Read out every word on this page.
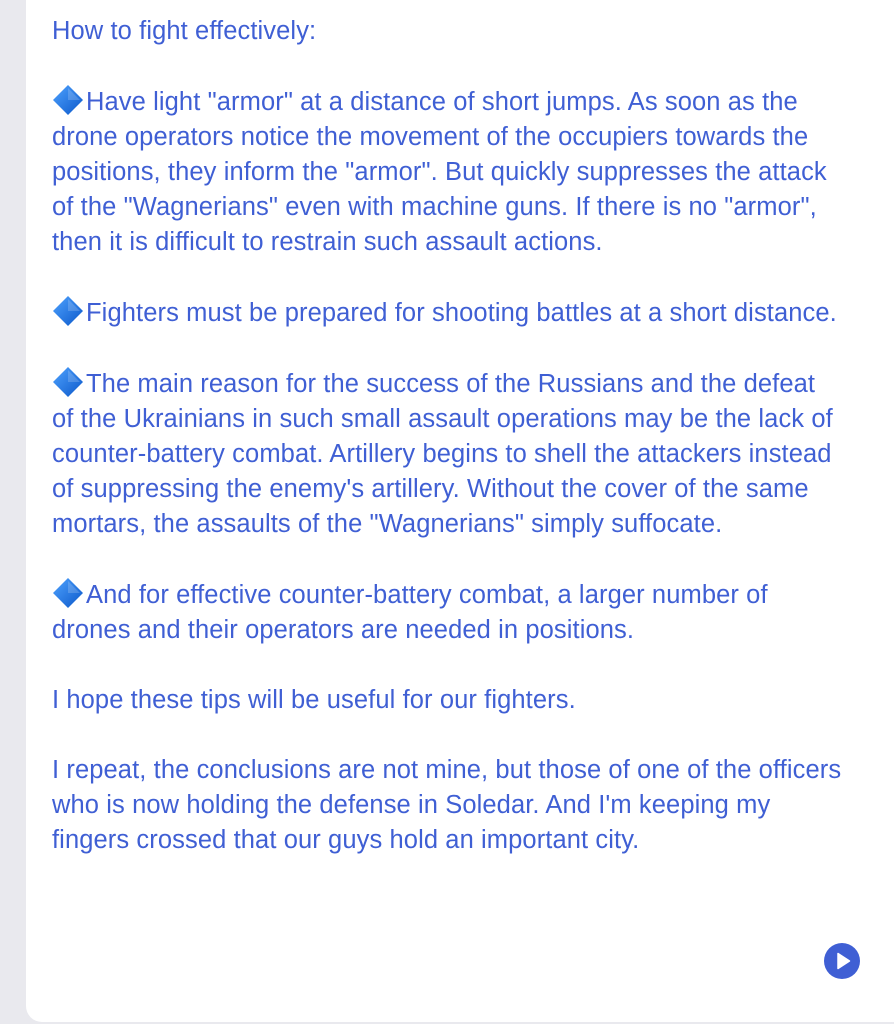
How to fight effectively:

Have light "armor" at a distance of short jumps. As soon as the drone operators notice the movement of the occupiers towards the positions, they inform the "armor". But quickly suppresses the attack of the "Wagnerians" even with machine guns. If there is no "armor", then it is difficult to restrain such assault actions.

Fighters must be prepared for shooting battles at a short distance.

The main reason for the success of the Russians and the defeat of the Ukrainians in such small assault operations may be the lack of counter-battery combat. Artillery begins to shell the attackers instead of suppressing the enemy's artillery. Without the cover of the same mortars, the assaults of the "Wagnerians" simply suffocate.

And for effective counter-battery combat, a larger number of drones and their operators are needed in positions.

I hope these tips will be useful for our fighters.

I repeat, the conclusions are not mine, but those of one of the officers who is now holding the defense in Soledar. And I'm keeping my fingers crossed that our guys hold an important city.
